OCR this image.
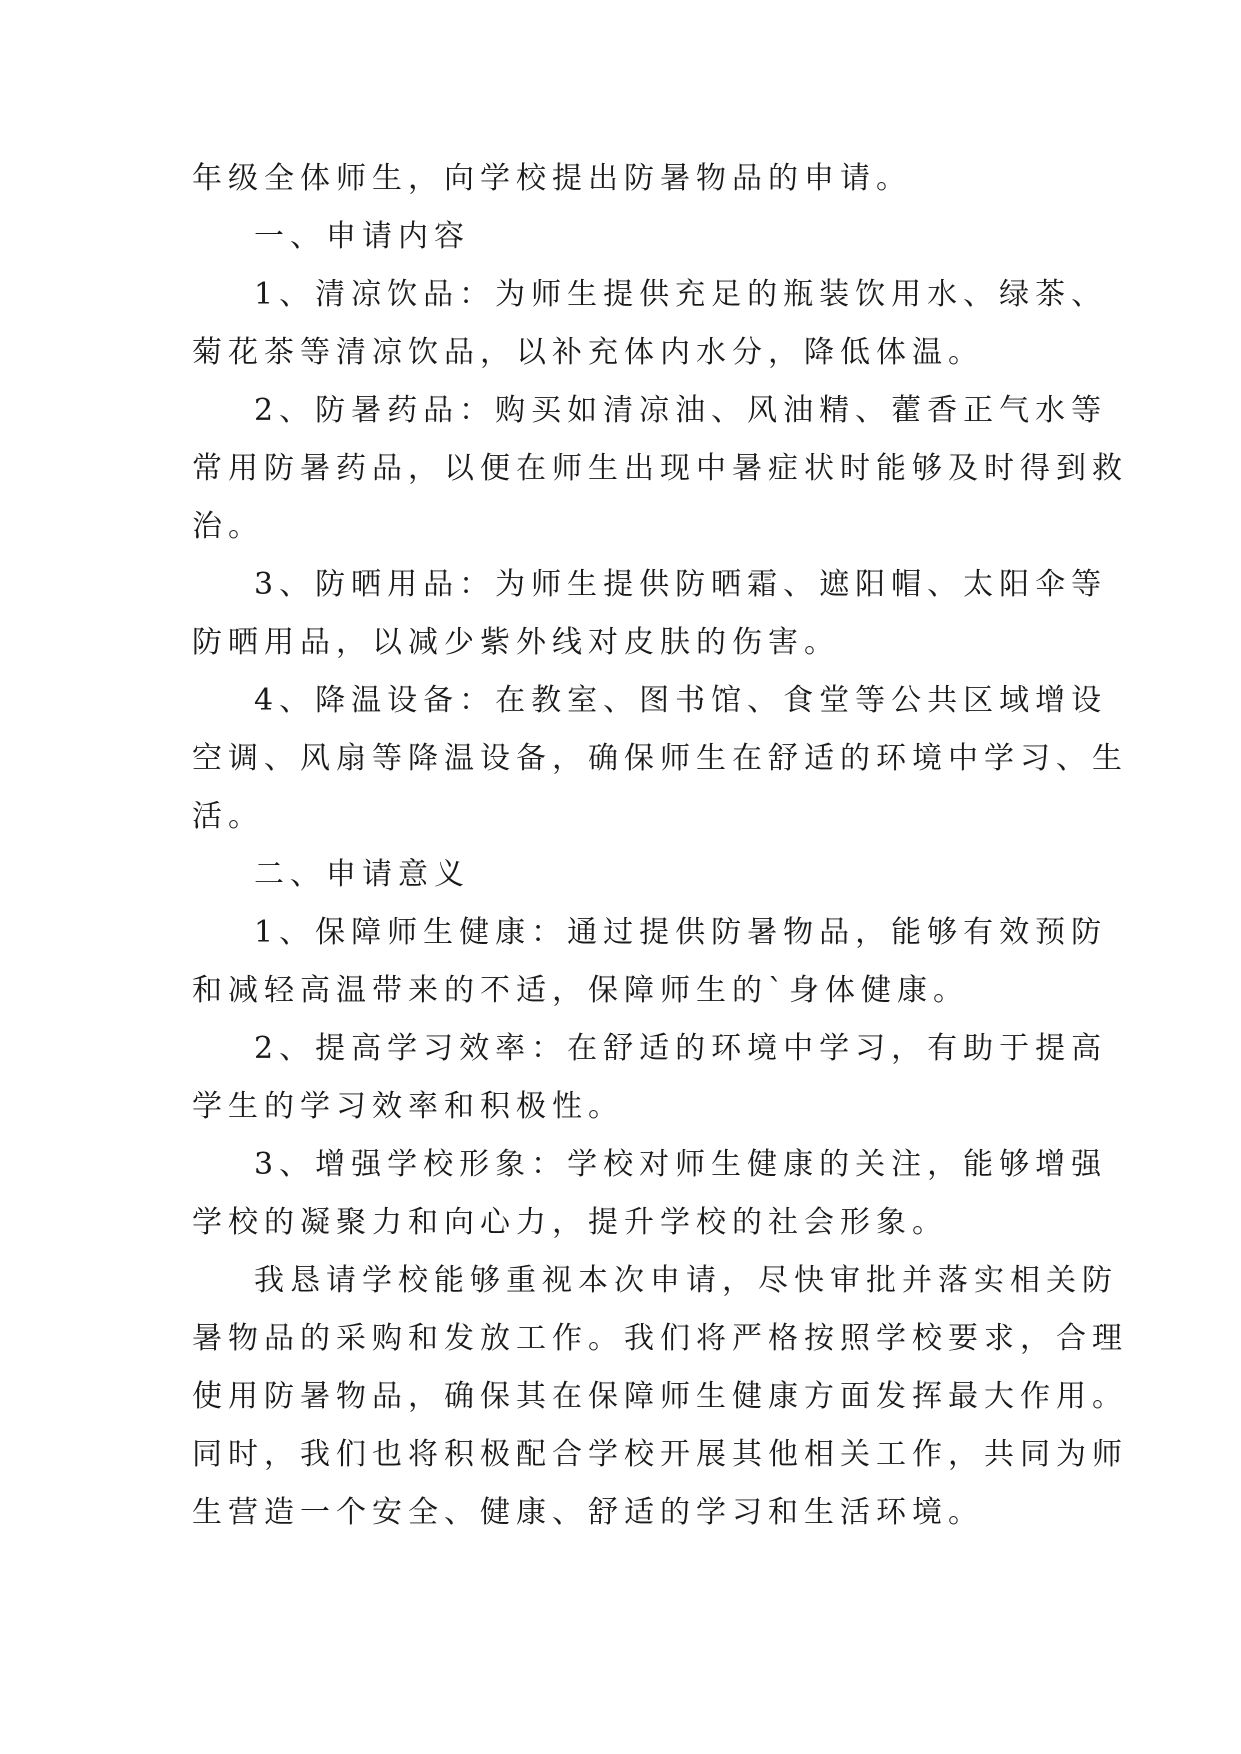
年级全体师生，向学校提出防暑物品的申请。
一、申请内容
1、清凉饮品：为师生提供充足的瓶装饮用水、绿茶、
菊花茶等清凉饮品，以补充体内水分，降低体温。
2、防暑药品：购买如清凉油、风油精、藿香正气水等
常用防暑药品，以便在师生出现中暑症状时能够及时得到救
治。
3、防晒用品：为师生提供防晒霜、遮阳帽、太阳伞等
防晒用品，以减少紫外线对皮肤的伤害。
4、降温设备：在教室、图书馆、食堂等公共区域增设
空调、风扇等降温设备，确保师生在舒适的环境中学习、生
活。
二、申请意义
1、保障师生健康：通过提供防暑物品，能够有效预防
和减轻高温带来的不适，保障师生的`身体健康。
2、提高学习效率：在舒适的环境中学习，有助于提高
学生的学习效率和积极性。
3、增强学校形象：学校对师生健康的关注，能够增强
学校的凝聚力和向心力，提升学校的社会形象。
我恳请学校能够重视本次申请，尽快审批并落实相关防
暑物品的采购和发放工作。我们将严格按照学校要求，合理
使用防暑物品，确保其在保障师生健康方面发挥最大作用。
同时，我们也将积极配合学校开展其他相关工作，共同为师
生营造一个安全、健康、舒适的学习和生活环境。
